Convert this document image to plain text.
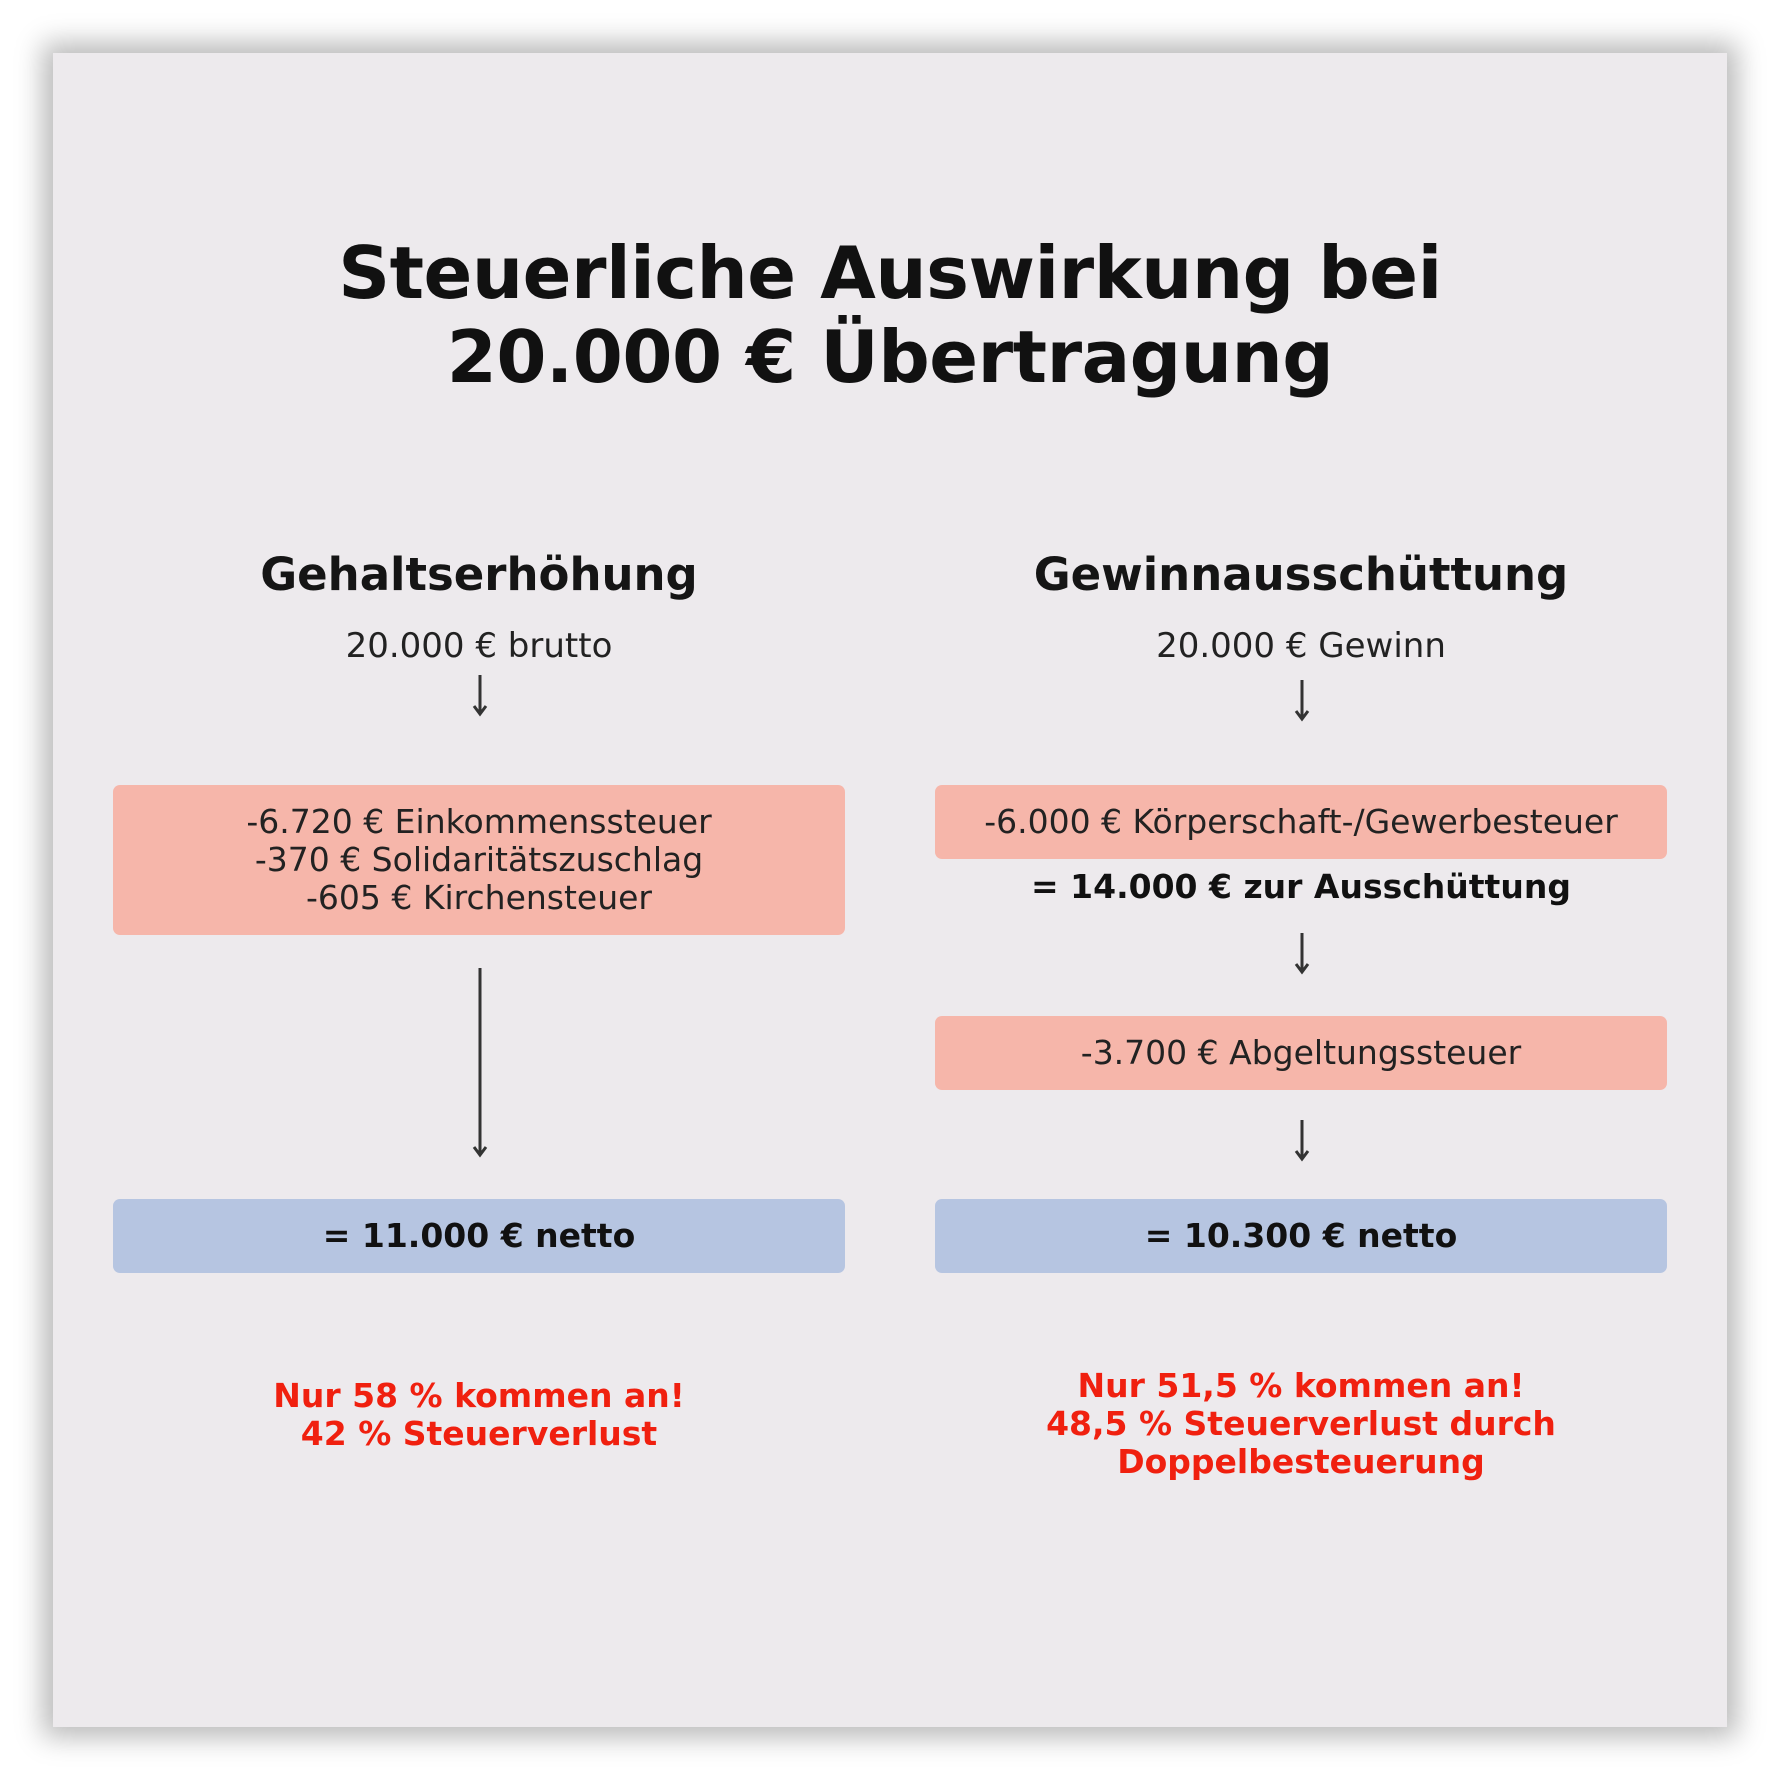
Steuerliche Auswirkung bei
20.000 € Übertragung
Gehaltserhöhung

20.000 € brutto

-6.720 € Einkommenssteuer
-370 € Solidaritätszuschlag
-605 € Kirchensteuer
= 11.000 € netto

Nur 58 % kommen an!
42 % Steuerverlust

Gewinnausschüttung

20.000 € Gewinn

-6.000 € Körperschaft-/Gewerbesteuer

= 14.000 € zur Ausschüttung

-3.700 € Abgeltungssteuer
= 10.300 € netto

Nur 51,5 % kommen an!
48,5 % Steuerverlust durch
Doppelbesteuerung
